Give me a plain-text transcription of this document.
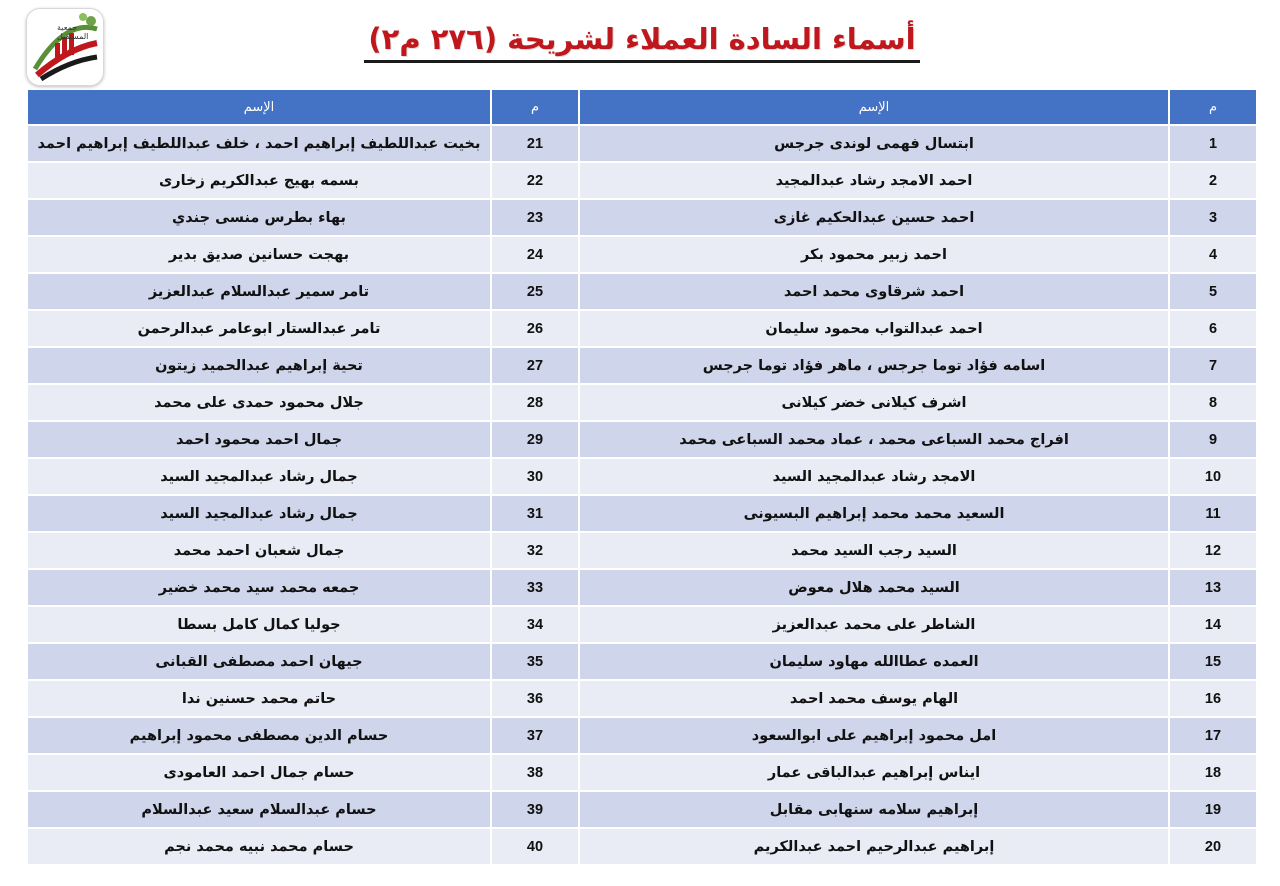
جمعية المستقبل	أسماء السادة العملاء لشريحة (٢٧٦ م٢)
م	الإسم	م	الإسم
1	ابتسال فهمى لوندى جرجس	21	بخيت عبداللطيف إبراهيم احمد ، خلف عبداللطيف إبراهيم احمد
2	احمد الامجد رشاد عبدالمجيد	22	بسمه بهيج عبدالكريم زخارى
3	احمد حسين عبدالحكيم غازى	23	بهاء بطرس منسى جندي
4	احمد زبير محمود بكر	24	بهجت حسانين صديق بدير
5	احمد شرقاوى محمد احمد	25	تامر سمير عبدالسلام عبدالعزيز
6	احمد عبدالتواب محمود سليمان	26	تامر عبدالستار ابوعامر عبدالرحمن
7	اسامه فؤاد توما جرجس ، ماهر فؤاد توما جرجس	27	تحية إبراهيم عبدالحميد زيتون
8	اشرف كيلانى خضر كيلانى	28	جلال محمود حمدى على محمد
9	افراج محمد السباعى محمد ، عماد محمد السباعى محمد	29	جمال احمد محمود احمد
10	الامجد رشاد عبدالمجيد السيد	30	جمال رشاد عبدالمجيد السيد
11	السعيد محمد محمد إبراهيم البسيونى	31	جمال رشاد عبدالمجيد السيد
12	السيد رجب السيد محمد	32	جمال شعبان احمد محمد
13	السيد محمد هلال معوض	33	جمعه محمد سيد محمد خضير
14	الشاطر على محمد عبدالعزيز	34	جوليا كمال كامل بسطا
15	العمده عطاالله مهاود سليمان	35	جيهان احمد مصطفى القبانى
16	الهام يوسف محمد احمد	36	حاتم محمد حسنين ندا
17	امل محمود إبراهيم على ابوالسعود	37	حسام الدين مصطفى محمود إبراهيم
18	ايناس إبراهيم عبدالباقى عمار	38	حسام جمال احمد العامودى
19	إبراهيم سلامه سنهابى مقابل	39	حسام عبدالسلام سعيد عبدالسلام
20	إبراهيم عبدالرحيم احمد عبدالكريم	40	حسام محمد نبيه محمد نجم
